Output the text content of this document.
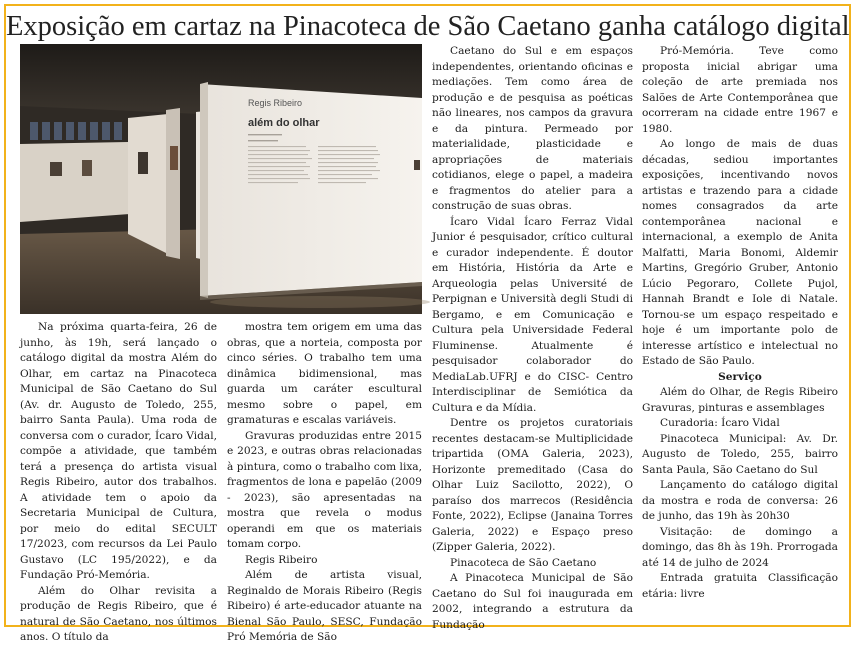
Exposição em cartaz na Pinacoteca de São Caetano ganha catálogo digital
Regis Ribeiro
além do olhar

Na próxima quarta-feira, 26 de junho, às 19h, será lançado o catálogo digital da mostra Além do Olhar, em cartaz na Pinacoteca Municipal de São Caetano do Sul (Av. dr. Augusto de Toledo, 255, bairro Santa Paula). Uma roda de conversa com o curador, Ícaro Vidal, compõe a atividade, que também terá a presença do artista visual Regis Ribeiro, autor dos trabalhos. A atividade tem o apoio da Secretaria Municipal de Cultura, por meio do edital SECULT 17/2023, com recursos da Lei Paulo Gustavo (LC 195/2022), e da Fundação Pró-Memória.

Além do Olhar revisita a produção de Regis Ribeiro, que é natural de São Caetano, nos últimos anos. O título da

mostra tem origem em uma das obras, que a norteia, composta por cinco séries. O trabalho tem uma dinâmica bidimensional, mas guarda um caráter escultural mesmo sobre o papel, em gramaturas e escalas variáveis.

Gravuras produzidas entre 2015 e 2023, e outras obras relacionadas à pintura, como o trabalho com lixa, fragmentos de lona e papelão (2009 - 2023), são apresentadas na mostra que revela o modus operandi em que os materiais tomam corpo.

Regis Ribeiro

Além de artista visual, Reginaldo de Morais Ribeiro (Regis Ribeiro) é arte-educador atuante na Bienal São Paulo, SESC, Fundação Pró Memória de São

Caetano do Sul e em espaços independentes, orientando oficinas e mediações. Tem como área de produção e de pesquisa as poéticas não lineares, nos campos da gravura e da pintura. Permeado por materialidade, plasticidade e apropriações de materiais cotidianos, elege o papel, a madeira e fragmentos do atelier para a construção de suas obras.

Ícaro Vidal Ícaro Ferraz Vidal Junior é pesquisador, crítico cultural e curador independente. É doutor em História, História da Arte e Arqueologia pelas Université de Perpignan e Università degli Studi di Bergamo, e em Comunicação e Cultura pela Universidade Federal Fluminense. Atualmente é pesquisador colaborador do MediaLab.UFRJ e do CISC- Centro Interdisciplinar de Semiótica da Cultura e da Mídia.

Dentre os projetos curatoriais recentes destacam-se Multiplicidade tripartida (OMA Galeria, 2023), Horizonte premeditado (Casa do Olhar Luiz Sacilotto, 2022), O paraíso dos marrecos (Residência Fonte, 2022), Eclipse (Janaina Torres Galeria, 2022) e Espaço preso (Zipper Galeria, 2022).

Pinacoteca de São Caetano

A Pinacoteca Municipal de São Caetano do Sul foi inaugurada em 2002, integrando a estrutura da Fundação

Pró-Memória. Teve como proposta inicial abrigar uma coleção de arte premiada nos Salões de Arte Contemporânea que ocorreram na cidade entre 1967 e 1980.

Ao longo de mais de duas décadas, sediou importantes exposições, incentivando novos artistas e trazendo para a cidade nomes consagrados da arte contemporânea nacional e internacional, a exemplo de Anita Malfatti, Maria Bonomi, Aldemir Martins, Gregório Gruber, Antonio Lúcio Pegoraro, Collete Pujol, Hannah Brandt e Iole di Natale. Tornou-se um espaço respeitado e hoje é um importante polo de interesse artístico e intelectual no Estado de São Paulo.

Serviço

Além do Olhar, de Regis Ribeiro Gravuras, pinturas e assemblages

Curadoria: Ícaro Vidal

Pinacoteca Municipal: Av. Dr. Augusto de Toledo, 255, bairro Santa Paula, São Caetano do Sul

Lançamento do catálogo digital da mostra e roda de conversa: 26 de junho, das 19h às 20h30

Visitação: de domingo a domingo, das 8h às 19h. Prorrogada até 14 de julho de 2024

Entrada gratuita Classificação etária: livre
